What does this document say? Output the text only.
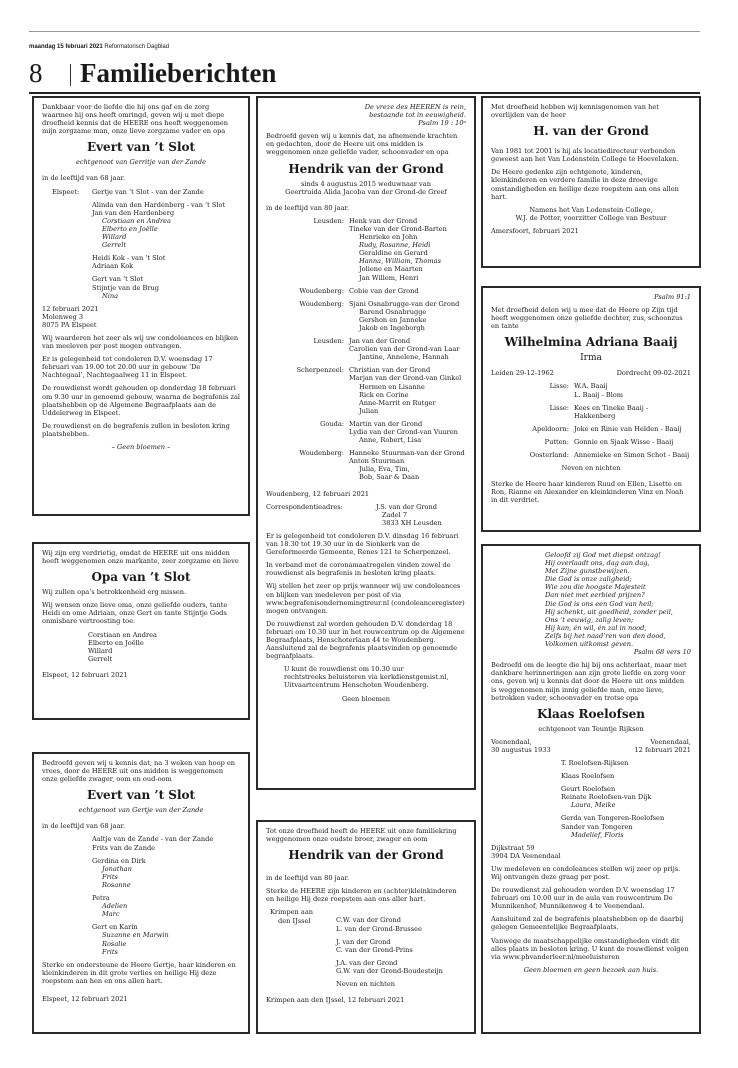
maandag 15 februari 2021 Reformatorisch Dagblad
8 Familieberichten

Dankbaar voor de liefde die hij ons gaf en de zorg waarmee hij ons heeft omringd, geven wij u met diepe droefheid kennis dat de HEERE ons heeft weggenomen mijn zorgzame man, onze lieve zorgzame vader en opa

Evert van ’t Slot
echtgenoot van Gerritje van der Zande
in de leeftijd van 68 jaar.
Elspeet:	Gertje van ’t Slot - van der Zande
Alinda van den Hardenberg - van ’t Slot
Jan van den Hardenberg
Corstiaan en Andrea
Elberto en Joëlle
Willard
Gerrelt
Heidi Kok - van ’t Slot
Adriaan Kok
Gert van ’t Slot
Stijntje van de Brug
Nina
12 februari 2021
Molenweg 3
8075 PA Elspeet

Wij waarderen het zeer als wij uw condoleances en blijken van meeleven per post mogen ontvangen.

Er is gelegenheid tot condoleren D.V. woensdag 17 februari van 19.00 tot 20.00 uur in gebouw ‘De Nachtegaal’, Nachtegaalweg 11 in Elspeet.

De rouwdienst wordt gehouden op donderdag 18 februari om 9.30 uur in genoemd gebouw, waarna de begrafenis zal plaatshebben op de Algemene Begraafplaats aan de Uddelerweg in Elspeet.

De rouwdienst en de begrafenis zullen in besloten kring plaatshebben.

– Geen bloemen –

Wij zijn erg verdrietig, omdat de HEERE uit ons midden heeft weggenomen onze markante, zeer zorgzame en lieve

Opa van ’t Slot

Wij zullen opa’s betrokkenheid erg missen.

Wij wensen onze lieve oma, onze geliefde ouders, tante Heidi en ome Adriaan, onze Gert en tante Stijntje Gods onmisbare vertroosting toe.

Corstiaan en Andrea
Elberto en Joëlle
Willard
Gerrelt
Elspeet, 12 februari 2021

Bedroefd geven wij u kennis dat, na 3 weken van hoop en vrees, door de HEERE uit ons midden is weggenomen onze geliefde zwager, oom en oud-oom

Evert van ’t Slot
echtgenoot van Gertje van der Zande
in de leeftijd van 68 jaar.
Aaltje van de Zande - van der Zande
Frits van de Zande
Gerdina en Dirk
Jonathan
Frits
Rosanne
Petra
Adelien
Marc
Gert en Karin
Suzanne en Marwin
Rosalie
Frits

Sterke en ondersteune de Heere Gertje, haar kinderen en kleinkinderen in dit grote verlies en heilige Hij deze roepstem aan hen en ons allen hart.

Elspeet, 12 februari 2021
De vreze des HEEREN is rein,
bestaande tot in eeuwigheid.
Psalm 19 : 10ᵃ

Bedroefd geven wij u kennis dat, na afnemende krachten en gedachten, door de Heere uit ons midden is weggenomen onze geliefde vader, schoonvader en opa

Hendrik van der Grond
sinds 4 augustus 2015 weduwnaar van
Geertruida Alida Jacoba van der Grond-de Greef
in de leeftijd van 80 jaar.
Leusden: Henk van der Grond
Tineke van der Grond-Barten
Henrieke en John
Rudy, Rosanne, Heidi
Geraldine en Gerard
Hanna, William, Thomas
Joliene en Maarten
Jan Willem, Henri
Woudenberg: Cobie van der Grond
Woudenberg: Sjani Osnabrugge-van der Grond
Barend Osnabrugge
Gershon en Janneke
Jakob en Ingeborgh
Leusden: Jan van der Grond
Carolien van der Grond-van Laar
Jantine, Annelene, Hannah
Scherpenzeel: Christian van der Grond
Marjan van der Grond-van Ginkel
Hermen en Lisanne
Rick en Corine
Anne-Marrit en Rutger
Julian
Gouda: Martin van der Grond
Lydia van der Grond-van Vuuren
Anne, Robert, Lisa
Woudenberg: Hanneke Stuurman-van der Grond
Anton Stuurman
Julia, Eva, Tim,
Bob, Saar & Daan
Woudenberg, 12 februari 2021
Correspondentieadres:	J.S. van der Grond
Zadel 7
3833 XH Leusden

Er is gelegenheid tot condoleren D.V. dinsdag 16 februari van 18.30 tot 19.30 uur in de Sionkerk van de Gereformeerde Gemeente, Renes 121 te Scherpenzeel.

In verband met de coronamaatregelen vinden zowel de rouwdienst als begrafenis in besloten kring plaats.

Wij stellen het zeer op prijs wanneer wij uw condoleances en blijken van medeleven per post of via www.begrafenisondernemingtreur.nl (condoleanceregister) mogen ontvangen.

De rouwdienst zal worden gehouden D.V. donderdag 18 februari om 10.30 uur in het rouwcentrum op de Algemene Begraafplaats, Henschoterlaan 44 te Woudenberg. Aansluitend zal de begrafenis plaatsvinden op genoemde begraafplaats.

U kunt de rouwdienst om 10.30 uur
rechtstreeks beluisteren via kerkdienstgemist.nl,
Uitvaartcentrum Henschoten Woudenberg.
Geen bloemen

Tot onze droefheid heeft de HEERE uit onze familiekring weggenomen onze oudste broer, zwager en oom

Hendrik van der Grond
in de leeftijd van 80 jaar.

Sterke de HEERE zijn kinderen en (achter)kleinkinderen en heilige Hij deze roepstem aan ons aller hart.

Krimpen aan
den IJssel	C.W. van der Grond
L. van der Grond-Brussee
J. van der Grond
C. van der Grond-Prins
J.A. van der Grond
G.W. van der Grond-Boudesteijn
Neven en nichten
Krimpen aan den IJssel, 12 februari 2021

Met droefheid hebben wij kennisgenomen van het overlijden van de heer

H. van der Grond

Van 1981 tot 2001 is hij als locatiedirecteur verbonden geweest aan het Van Lodenstein College te Hoevelaken.

De Heere gedenke zijn echtgenote, kinderen, kleinkinderen en verdere familie in deze droevige omstandigheden en heilige deze roepstem aan ons allen hart.

Namens het Van Lodenstein College,
W.J. de Potter, voorzitter College van Bestuur
Amersfoort, februari 2021
Psalm 91:1

Met droefheid delen wij u mee dat de Heere op Zijn tijd heeft weggenomen onze geliefde dochter, zus, schoonzus en tante

Wilhelmina Adriana Baaij
Irma
Leiden 29-12-1962	Dordrecht 09-02-2021
Lisse: W.A. Baaij
L. Baaij - Blom
Lisse: Kees en Tineke Baaij - Hakkenberg
Apeldoorn: Joke en Rinie van Helden - Baaij
Putten: Gonnie en Sjaak Wisse - Baaij
Oosterland: Annemieke en Simon Schot - Baaij
Neven en nichten

Sterke de Heere haar kinderen Ruud en Ellen, Lisette en Ron, Rianne en Alexander en kleinkinderen Vinz en Noah in dit verdriet.

Geloofd zij God met diepst ontzag!
Hij overlaadt ons, dag aan dag,
Met Zijne gunstbewijzen.
Die God is onze zaligheid;
Wie zou die hoogste Majesteit
Dan niet met eerbied prijzen?
Die God is ons een God van heil;
Hij schenkt, uit goedheid, zonder peil,
Ons ’t eeuwig, zalig leven;
Hij kan, én wil, én zal in nood,
Zelfs bij het naad’ren van den dood,
Volkomen uitkomst geven.
Psalm 68 vers 10

Bedroefd om de leegte die hij bij ons achterlaat, maar met dankbare herinneringen aan zijn grote liefde en zorg voor ons, geven wij u kennis dat door de Heere uit ons midden is weggenomen mijn innig geliefde man, onze lieve, betrokken vader, schoonvader en trotse opa

Klaas Roelofsen
echtgenoot van Teuntje Rijksen
Veenendaal,
30 augustus 1933
Veenendaal,
12 februari 2021
T. Roelofsen-Rijksen
Klaas Roelofsen
Geurt Roelofsen
Reinate Roelofsen-van Dijk
Laura, Meike
Gerda van Tongeren-Roelofsen
Sander van Tongeren
Madelief, Floris
Dijkstraat 59
3904 DA Veenendaal

Uw medeleven en condoleances stellen wij zeer op prijs. Wij ontvangen deze graag per post.

De rouwdienst zal gehouden worden D.V. woensdag 17 februari om 10.00 uur in de aula van rouwcentrum De Munnikenhof, Munnikenweg 4 te Veenendaal.

Aansluitend zal de begrafenis plaatshebben op de daarbij gelegen Gemeentelijke Begraafplaats.

Vanwege de maatschappelijke omstandigheden vindt dit alles plaats in besloten kring. U kunt de rouwdienst volgen via www.phvanderleer.nl/meeluisteren

Geen bloemen en geen bezoek aan huis.
